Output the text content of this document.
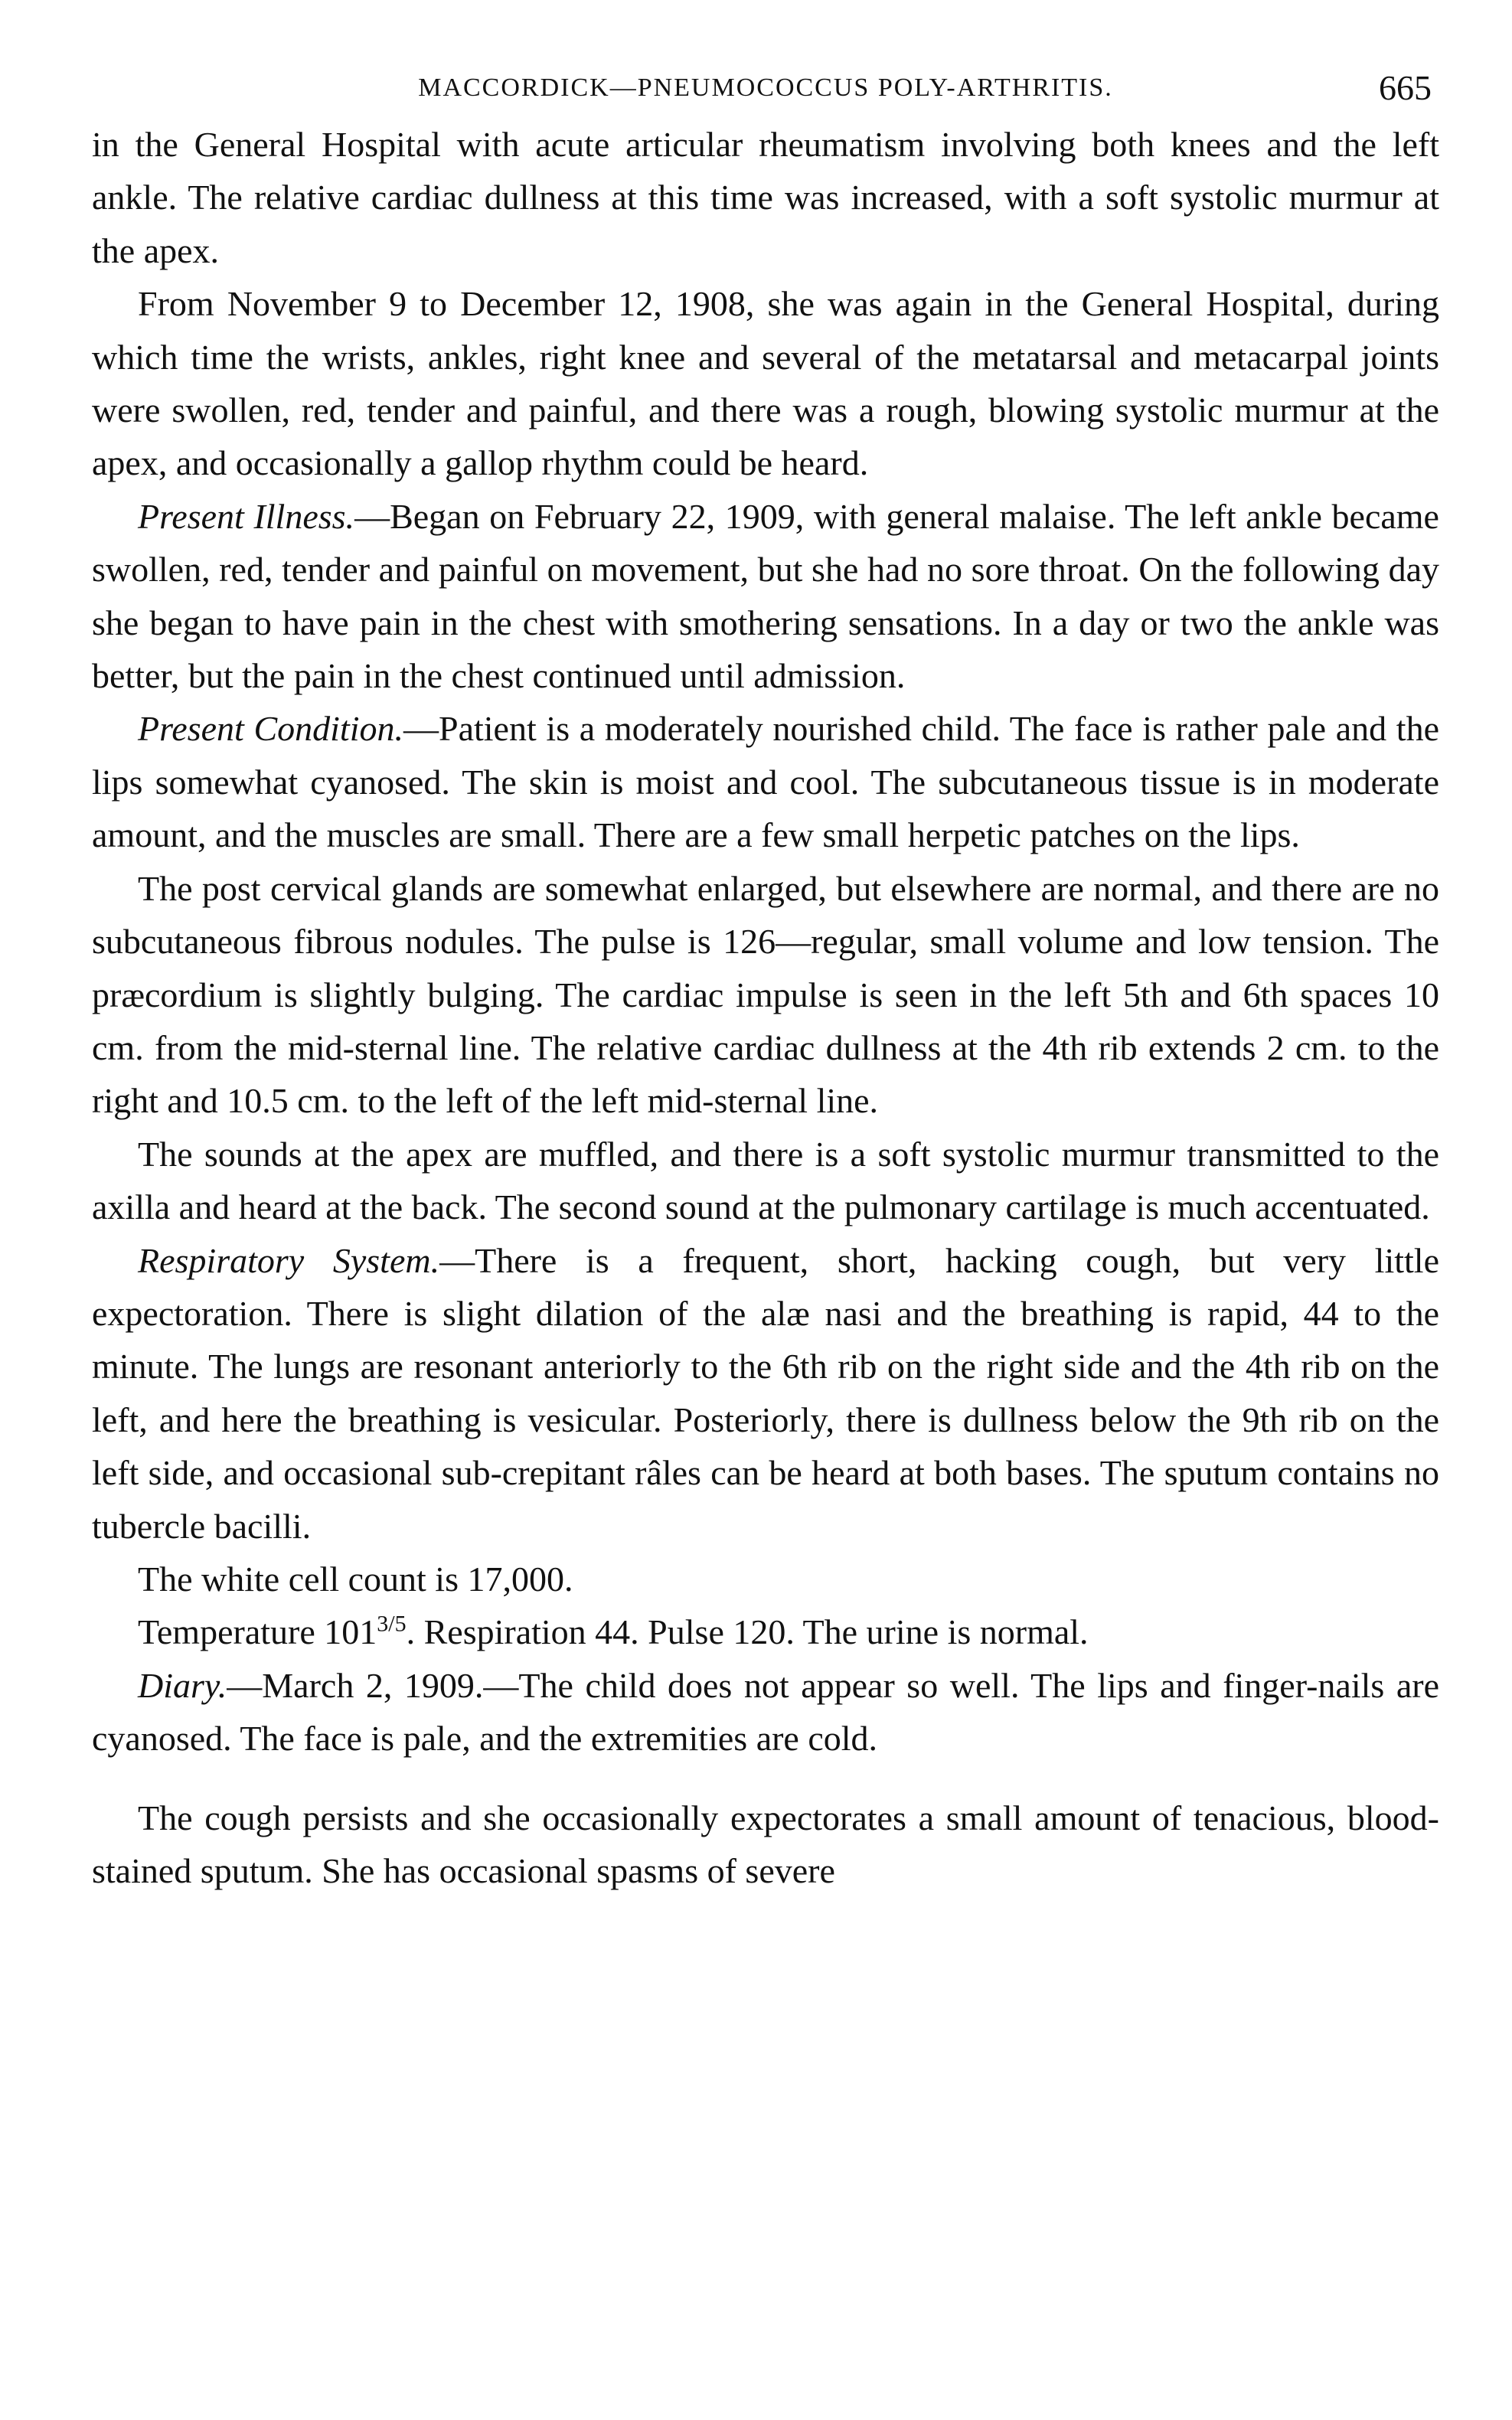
MACCORDICK—PNEUMOCOCCUS POLY-ARTHRITIS.	665

in the General Hospital with acute articular rheumatism involving both knees and the left ankle. The relative cardiac dullness at this time was increased, with a soft systolic murmur at the apex.

From November 9 to December 12, 1908, she was again in the General Hospital, during which time the wrists, ankles, right knee and several of the metatarsal and metacarpal joints were swollen, red, tender and painful, and there was a rough, blowing systolic murmur at the apex, and occasionally a gallop rhythm could be heard.

Present Illness.—Began on February 22, 1909, with general malaise. The left ankle became swollen, red, tender and painful on movement, but she had no sore throat. On the following day she began to have pain in the chest with smothering sensations. In a day or two the ankle was better, but the pain in the chest continued until admission.

Present Condition.—Patient is a moderately nourished child. The face is rather pale and the lips somewhat cyanosed. The skin is moist and cool. The subcutaneous tissue is in moderate amount, and the muscles are small. There are a few small herpetic patches on the lips.

The post cervical glands are somewhat enlarged, but elsewhere are normal, and there are no subcutaneous fibrous nodules. The pulse is 126—regular, small volume and low tension. The præcordium is slightly bulging. The cardiac impulse is seen in the left 5th and 6th spaces 10 cm. from the mid-sternal line. The relative cardiac dullness at the 4th rib extends 2 cm. to the right and 10.5 cm. to the left of the left mid-sternal line.

The sounds at the apex are muffled, and there is a soft systolic murmur transmitted to the axilla and heard at the back. The second sound at the pulmonary cartilage is much accentuated.

Respiratory System.—There is a frequent, short, hacking cough, but very little expectoration. There is slight dilation of the alæ nasi and the breathing is rapid, 44 to the minute. The lungs are resonant anteriorly to the 6th rib on the right side and the 4th rib on the left, and here the breathing is vesicular. Posteriorly, there is dullness below the 9th rib on the left side, and occasional sub-crepitant râles can be heard at both bases. The sputum contains no tubercle bacilli.

The white cell count is 17,000.

Temperature $101^{3/5}$. Respiration 44. Pulse 120. The urine is normal.

Diary.—March 2, 1909.—The child does not appear so well. The lips and finger-nails are cyanosed. The face is pale, and the extremities are cold.

The cough persists and she occasionally expectorates a small amount of tenacious, blood-stained sputum. She has occasional spasms of severe
